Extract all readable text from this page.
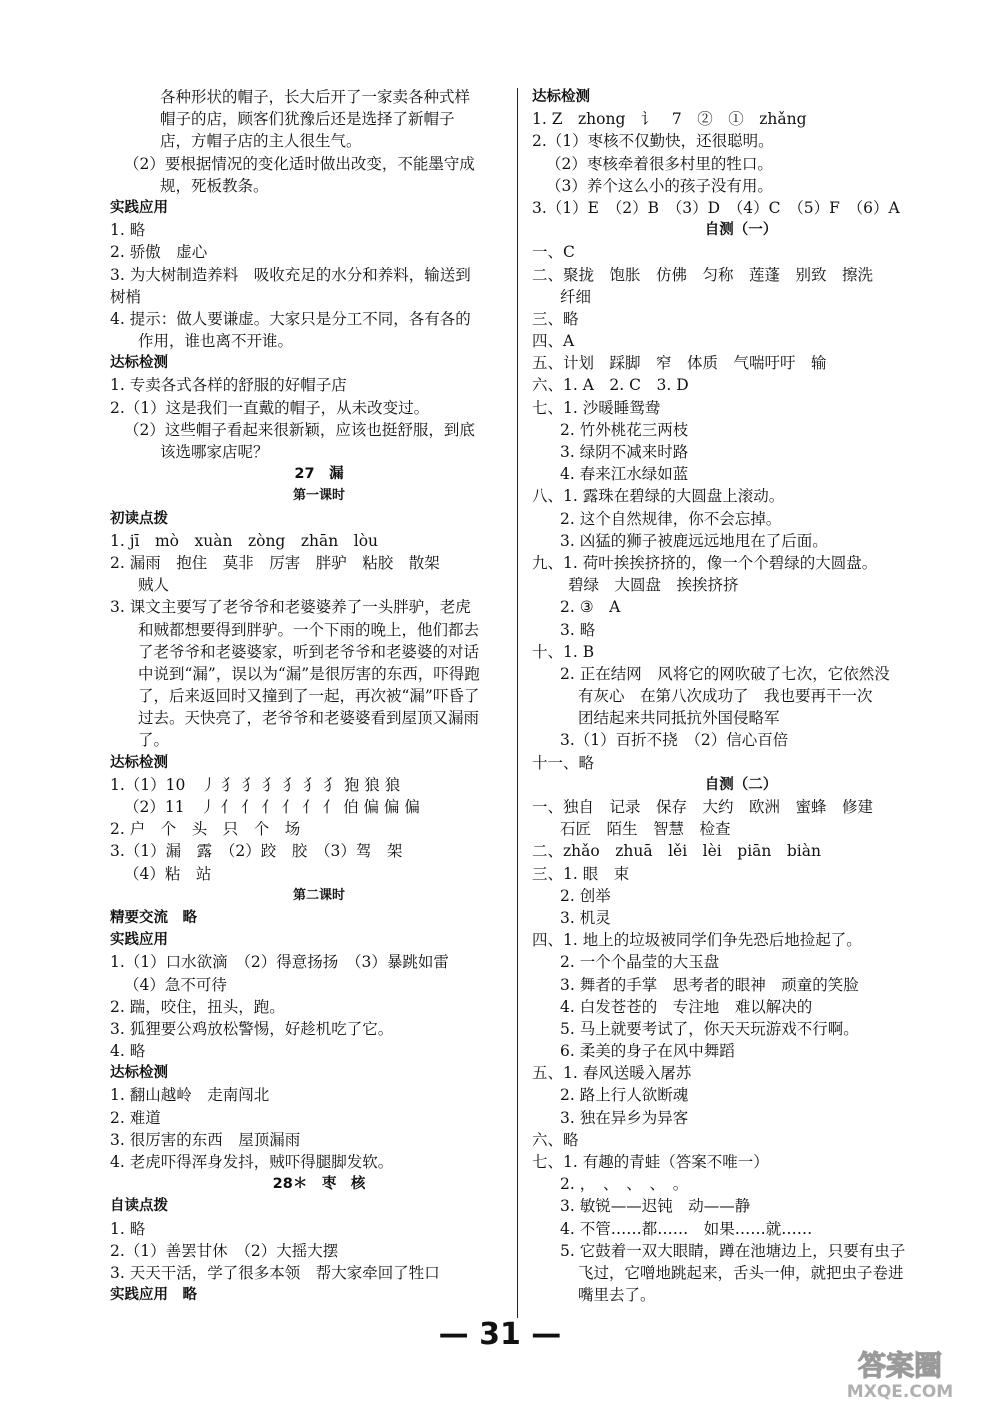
各种形状的帽子，长大后开了一家卖各种式样
帽子的店，顾客们犹豫后还是选择了新帽子
店，方帽子店的主人很生气。
（2）要根据情况的变化适时做出改变，不能墨守成
规，死板教条。
实践应用
1. 略
2. 骄傲　虚心
3. 为大树制造养料　吸收充足的水分和养料，输送到
树梢
4. 提示：做人要谦虚。大家只是分工不同，各有各的
作用，谁也离不开谁。
达标检测
1. 专卖各式各样的舒服的好帽子店
2.（1）这是我们一直戴的帽子，从未改变过。
（2）这些帽子看起来很新颖，应该也挺舒服，到底
该选哪家店呢？
27　漏
第一课时
初读点拨
1. jī　mò　xuàn　zòng　zhān　lòu
2. 漏雨　抱住　莫非　厉害　胖驴　粘胶　散架
贼人
3. 课文主要写了老爷爷和老婆婆养了一头胖驴，老虎
和贼都想要得到胖驴。一个下雨的晚上，他们都去
了老爷爷和老婆婆家，听到老爷爷和老婆婆的对话
中说到“漏”，误以为“漏”是很厉害的东西，吓得跑
了，后来返回时又撞到了一起，再次被“漏”吓昏了
过去。天快亮了，老爷爷和老婆婆看到屋顶又漏雨
了。
达标检测
1.（1）10　丿 犭 犭 犭 犭 犭 犭 狍 狼 狼
（2）11　丿 亻 亻 亻 亻 亻 亻 伯 偏 偏 偏
2. 户　个　头　只　个　场
3.（1）漏　露　（2）跤　胶　（3）驾　架
（4）粘　站
第二课时
精要交流　略
实践应用
1.（1）口水欲滴　（2）得意扬扬　（3）暴跳如雷
（4）急不可待
2. 踹，咬住，扭头，跑。
3. 狐狸要公鸡放松警惕，好趁机吃了它。
4. 略
达标检测
1. 翻山越岭　走南闯北
2. 难道
3. 很厉害的东西　屋顶漏雨
4. 老虎吓得浑身发抖，贼吓得腿脚发软。
28＊　枣　核
自读点拨
1. 略
2.（1）善罢甘休　（2）大摇大摆
3. 天天干活，学了很多本领　帮大家牵回了牲口
实践应用　略
达标检测
1. Z　zhong　讠　7　②　①　zhǎng
2.（1）枣核不仅勤快，还很聪明。
（2）枣核牵着很多村里的牲口。
（3）养个这么小的孩子没有用。
3.（1）E　（2）B　（3）D　（4）C　（5）F　（6）A
自测（一）
一、C
二、聚拢　饱胀　仿佛　匀称　莲蓬　别致　擦洗
纤细
三、略
四、A
五、计划　踩脚　窄　体质　气喘吁吁　输
六、1. A　2. C　3. D
七、1. 沙暖睡鸳鸯
2. 竹外桃花三两枝
3. 绿阴不减来时路
4. 春来江水绿如蓝
八、1. 露珠在碧绿的大圆盘上滚动。
2. 这个自然规律，你不会忘掉。
3. 凶猛的狮子被鹿远远地甩在了后面。
九、1. 荷叶挨挨挤挤的，像一个个碧绿的大圆盘。
碧绿　大圆盘　挨挨挤挤
2. ③　A
3. 略
十、1. B
2. 正在结网　风将它的网吹破了七次，它依然没
有灰心　在第八次成功了　我也要再干一次
团结起来共同抵抗外国侵略军
3.（1）百折不挠　（2）信心百倍
十一、略
自测（二）
一、独自　记录　保存　大约　欧洲　蜜蜂　修建
石匠　陌生　智慧　检查
二、zhǎo　zhuā　lěi　lèi　piān　biàn
三、1. 眼　束
2. 创举
3. 机灵
四、1. 地上的垃圾被同学们争先恐后地捡起了。
2. 一个个晶莹的大玉盘
3. 舞者的手掌　思考者的眼神　顽童的笑脸
4. 白发苍苍的　专注地　难以解决的
5. 马上就要考试了，你天天玩游戏不行啊。
6. 柔美的身子在风中舞蹈
五、1. 春风送暖入屠苏
2. 路上行人欲断魂
3. 独在异乡为异客
六、略
七、1. 有趣的青蛙（答案不唯一）
2. ，　、　、　、　。
3. 敏锐——迟钝　动——静
4. 不管……都……　如果……就……
5. 它鼓着一双大眼睛，蹲在池塘边上，只要有虫子
飞过，它噌地跳起来，舌头一伸，就把虫子卷进
嘴里去了。
— 31 —
答案圈
MXQE.COM
